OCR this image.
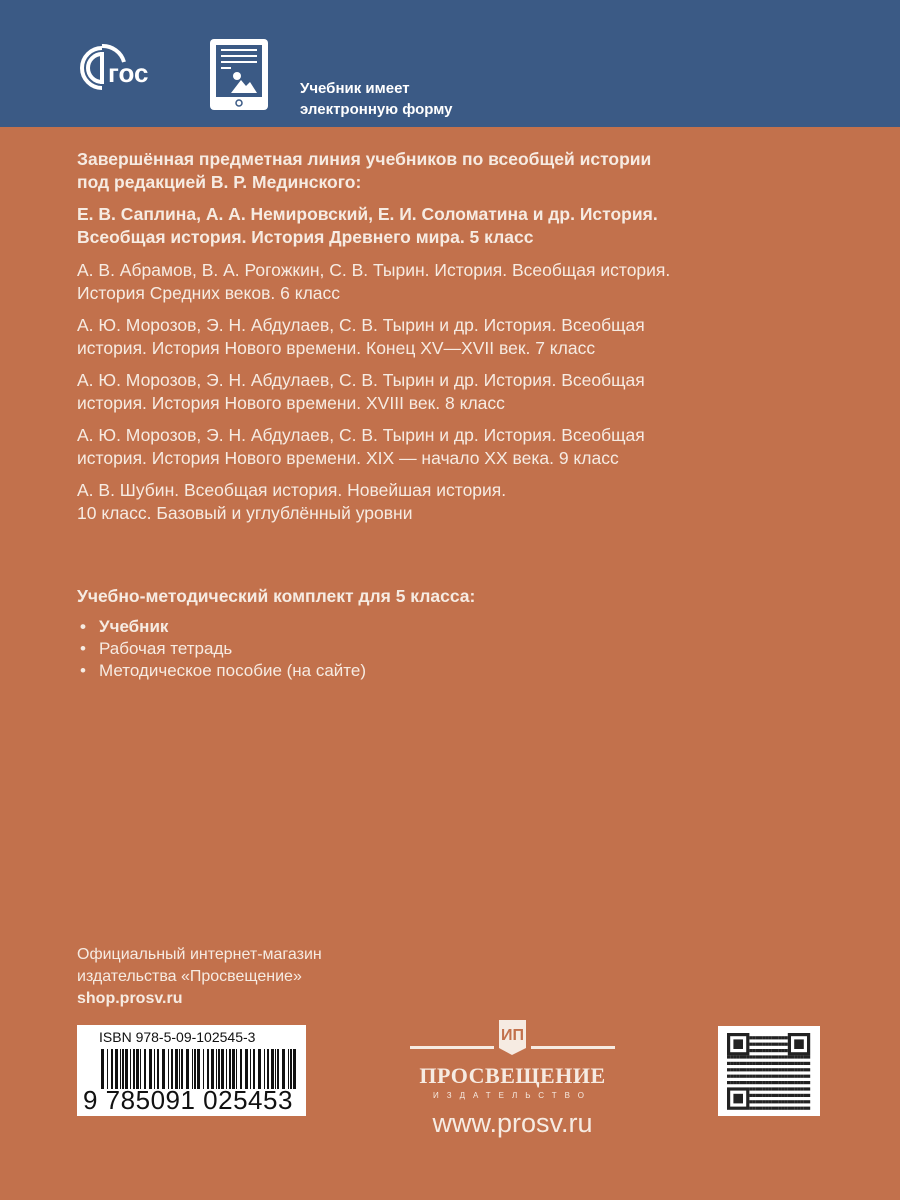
гос
Учебник имеет
электронную форму
Завершённая предметная линия учебников по всеобщей истории
под редакцией В. Р. Мединского:
Е. В. Саплина, А. А. Немировский, Е. И. Соломатина и др. История.
Всеобщая история. История Древнего мира. 5 класс
А. В. Абрамов, В. А. Рогожкин, С. В. Тырин. История. Всеобщая история.
История Средних веков. 6 класс
А. Ю. Морозов, Э. Н. Абдулаев, С. В. Тырин и др. История. Всеобщая
история. История Нового времени. Конец XV—XVII век. 7 класс
А. Ю. Морозов, Э. Н. Абдулаев, С. В. Тырин и др. История. Всеобщая
история. История Нового времени. XVIII век. 8 класс
А. Ю. Морозов, Э. Н. Абдулаев, С. В. Тырин и др. История. Всеобщая
история. История Нового времени. XIX — начало XX века. 9 класс
А. В. Шубин. Всеобщая история. Новейшая история.
10 класс. Базовый и углублённый уровни
Учебно-методический комплект для 5 класса:
• Учебник
• Рабочая тетрадь
• Методическое пособие (на сайте)
Официальный интернет-магазин
издательства «Просвещение»
shop.prosv.ru
ISBN 978-5-09-102545-3
9 785091 025453
ИП
ПРОСВЕЩЕНИЕ
ИЗДАТЕЛЬСТВО
www.prosv.ru
